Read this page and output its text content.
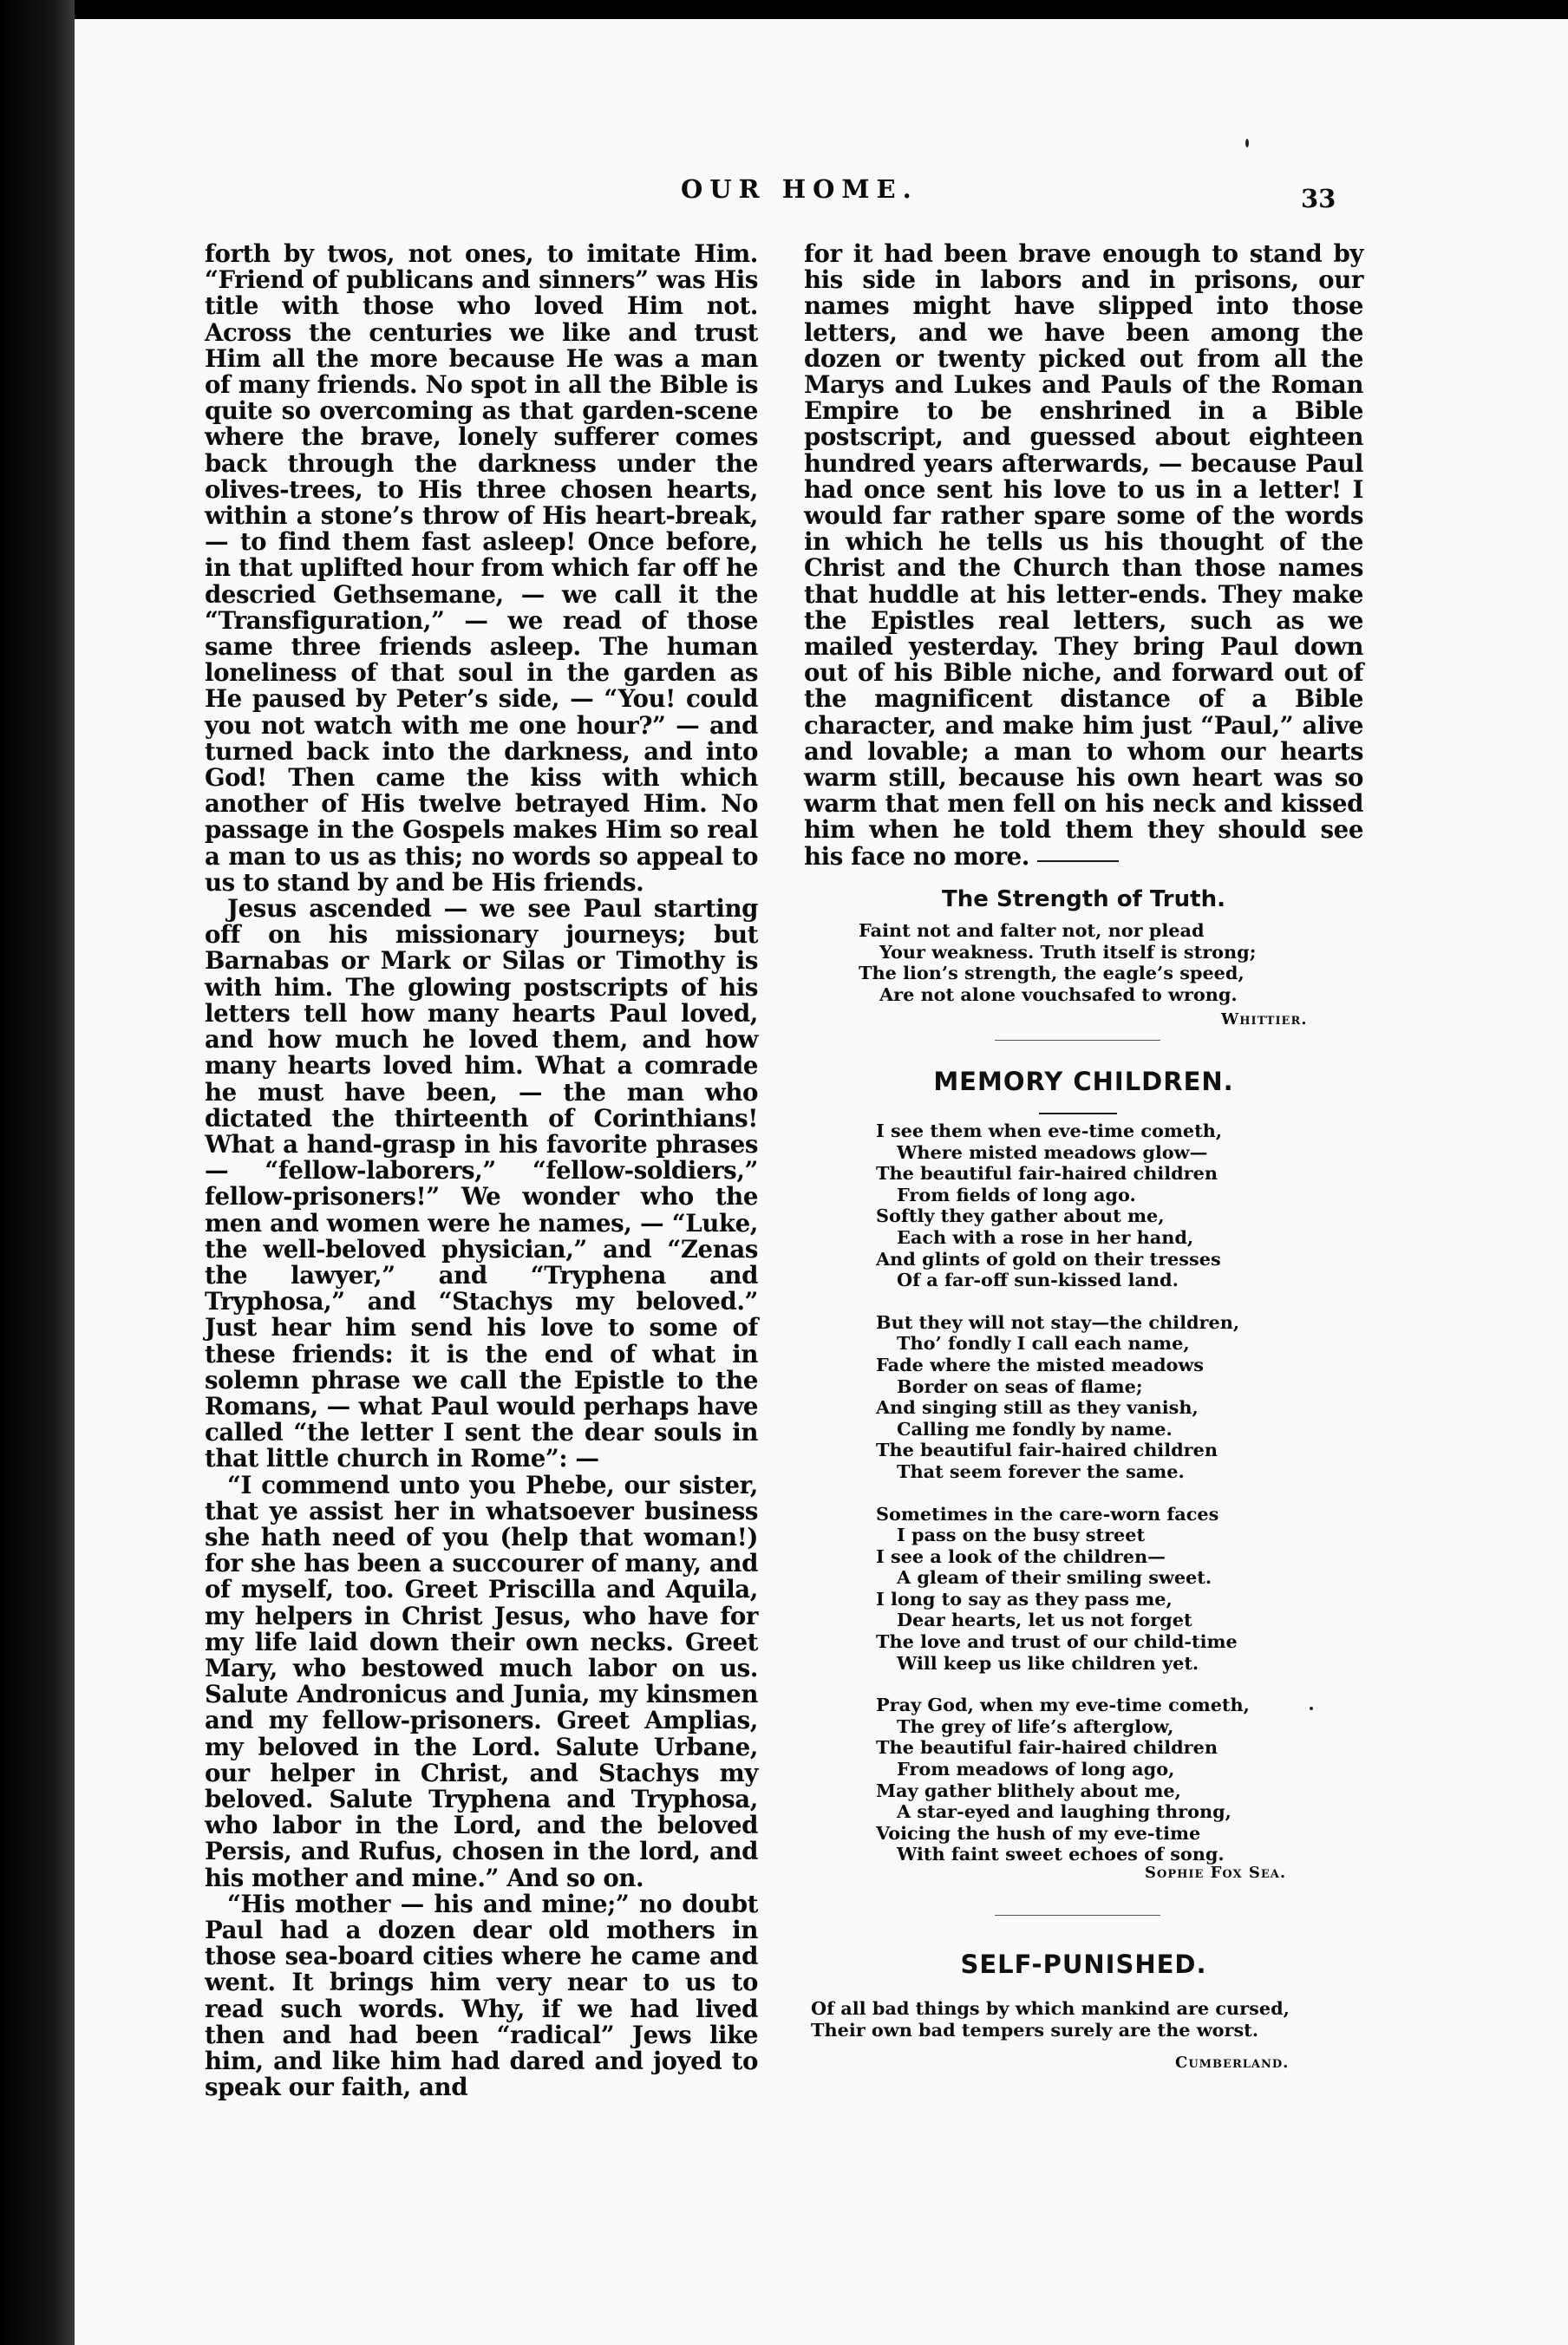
OUR HOME.	33

forth by twos, not ones, to imitate Him. “Friend of publicans and sinners” was His title with those who loved Him not. Across the centuries we like and trust Him all the more because He was a man of many friends. No spot in all the Bible is quite so overcoming as that garden-scene where the brave, lonely sufferer comes back through the darkness under the olives-trees, to His three chosen hearts, within a stone’s throw of His heart-break, — to find them fast asleep! Once before, in that uplifted hour from which far off he descried Gethsemane, — we call it the “Transfiguration,” — we read of those same three friends asleep. The human loneliness of that soul in the garden as He paused by Peter’s side, — “You! could you not watch with me one hour?” — and turned back into the darkness, and into God! Then came the kiss with which another of His twelve betrayed Him. No passage in the Gospels makes Him so real a man to us as this; no words so appeal to us to stand by and be His friends.

Jesus ascended — we see Paul starting off on his missionary journeys; but Barnabas or Mark or Silas or Timothy is with him. The glowing postscripts of his letters tell how many hearts Paul loved, and how much he loved them, and how many hearts loved him. What a comrade he must have been, — the man who dictated the thirteenth of Corinthians! What a hand-grasp in his favorite phrases — “fellow-laborers,” “fellow-soldiers,” fellow-prisoners!” We wonder who the men and women were he names, — “Luke, the well-beloved physician,” and “Zenas the lawyer,” and “Tryphena and Tryphosa,” and “Stachys my beloved.” Just hear him send his love to some of these friends: it is the end of what in solemn phrase we call the Epistle to the Romans, — what Paul would perhaps have called “the letter I sent the dear souls in that little church in Rome”: —

“I commend unto you Phebe, our sister, that ye assist her in whatsoever business she hath need of you (help that woman!) for she has been a succourer of many, and of myself, too. Greet Priscilla and Aquila, my helpers in Christ Jesus, who have for my life laid down their own necks. Greet Mary, who bestowed much labor on us. Salute Andronicus and Junia, my kinsmen and my fellow-prisoners. Greet Amplias, my beloved in the Lord. Salute Urbane, our helper in Christ, and Stachys my beloved. Salute Tryphena and Tryphosa, who labor in the Lord, and the beloved Persis, and Rufus, chosen in the lord, and his mother and mine.” And so on.

“His mother — his and mine;” no doubt Paul had a dozen dear old mothers in those sea-board cities where he came and went. It brings him very near to us to read such words. Why, if we had lived then and had been “radical” Jews like him, and like him had dared and joyed to speak our faith, and

for it had been brave enough to stand by his side in labors and in prisons, our names might have slipped into those letters, and we have been among the dozen or twenty picked out from all the Marys and Lukes and Pauls of the Roman Empire to be enshrined in a Bible postscript, and guessed about eighteen hundred years afterwards, — because Paul had once sent his love to us in a letter! I would far rather spare some of the words in which he tells us his thought of the Christ and the Church than those names that huddle at his letter-ends. They make the Epistles real letters, such as we mailed yesterday. They bring Paul down out of his Bible niche, and forward out of the magnificent distance of a Bible character, and make him just “Paul,” alive and lovable; a man to whom our hearts warm still, because his own heart was so warm that men fell on his neck and kissed him when he told them they should see his face no more.

The Strength of Truth.
Faint not and falter not, nor plead
Your weakness. Truth itself is strong;
The lion’s strength, the eagle’s speed,
Are not alone vouchsafed to wrong.
Whittier.
MEMORY CHILDREN.
I see them when eve-time cometh,
Where misted meadows glow—
The beautiful fair-haired children
From fields of long ago.
Softly they gather about me,
Each with a rose in her hand,
And glints of gold on their tresses
Of a far-off sun-kissed land.
But they will not stay—the children,
Tho’ fondly I call each name,
Fade where the misted meadows
Border on seas of flame;
And singing still as they vanish,
Calling me fondly by name.
The beautiful fair-haired children
That seem forever the same.
Sometimes in the care-worn faces
I pass on the busy street
I see a look of the children—
A gleam of their smiling sweet.
I long to say as they pass me,
Dear hearts, let us not forget
The love and trust of our child-time
Will keep us like children yet.
Pray God, when my eve-time cometh,
The grey of life’s afterglow,
The beautiful fair-haired children
From meadows of long ago,
May gather blithely about me,
A star-eyed and laughing throng,
Voicing the hush of my eve-time
With faint sweet echoes of song.
Sophie Fox Sea.
SELF-PUNISHED.
Of all bad things by which mankind are cursed,
Their own bad tempers surely are the worst.
Cumberland.
